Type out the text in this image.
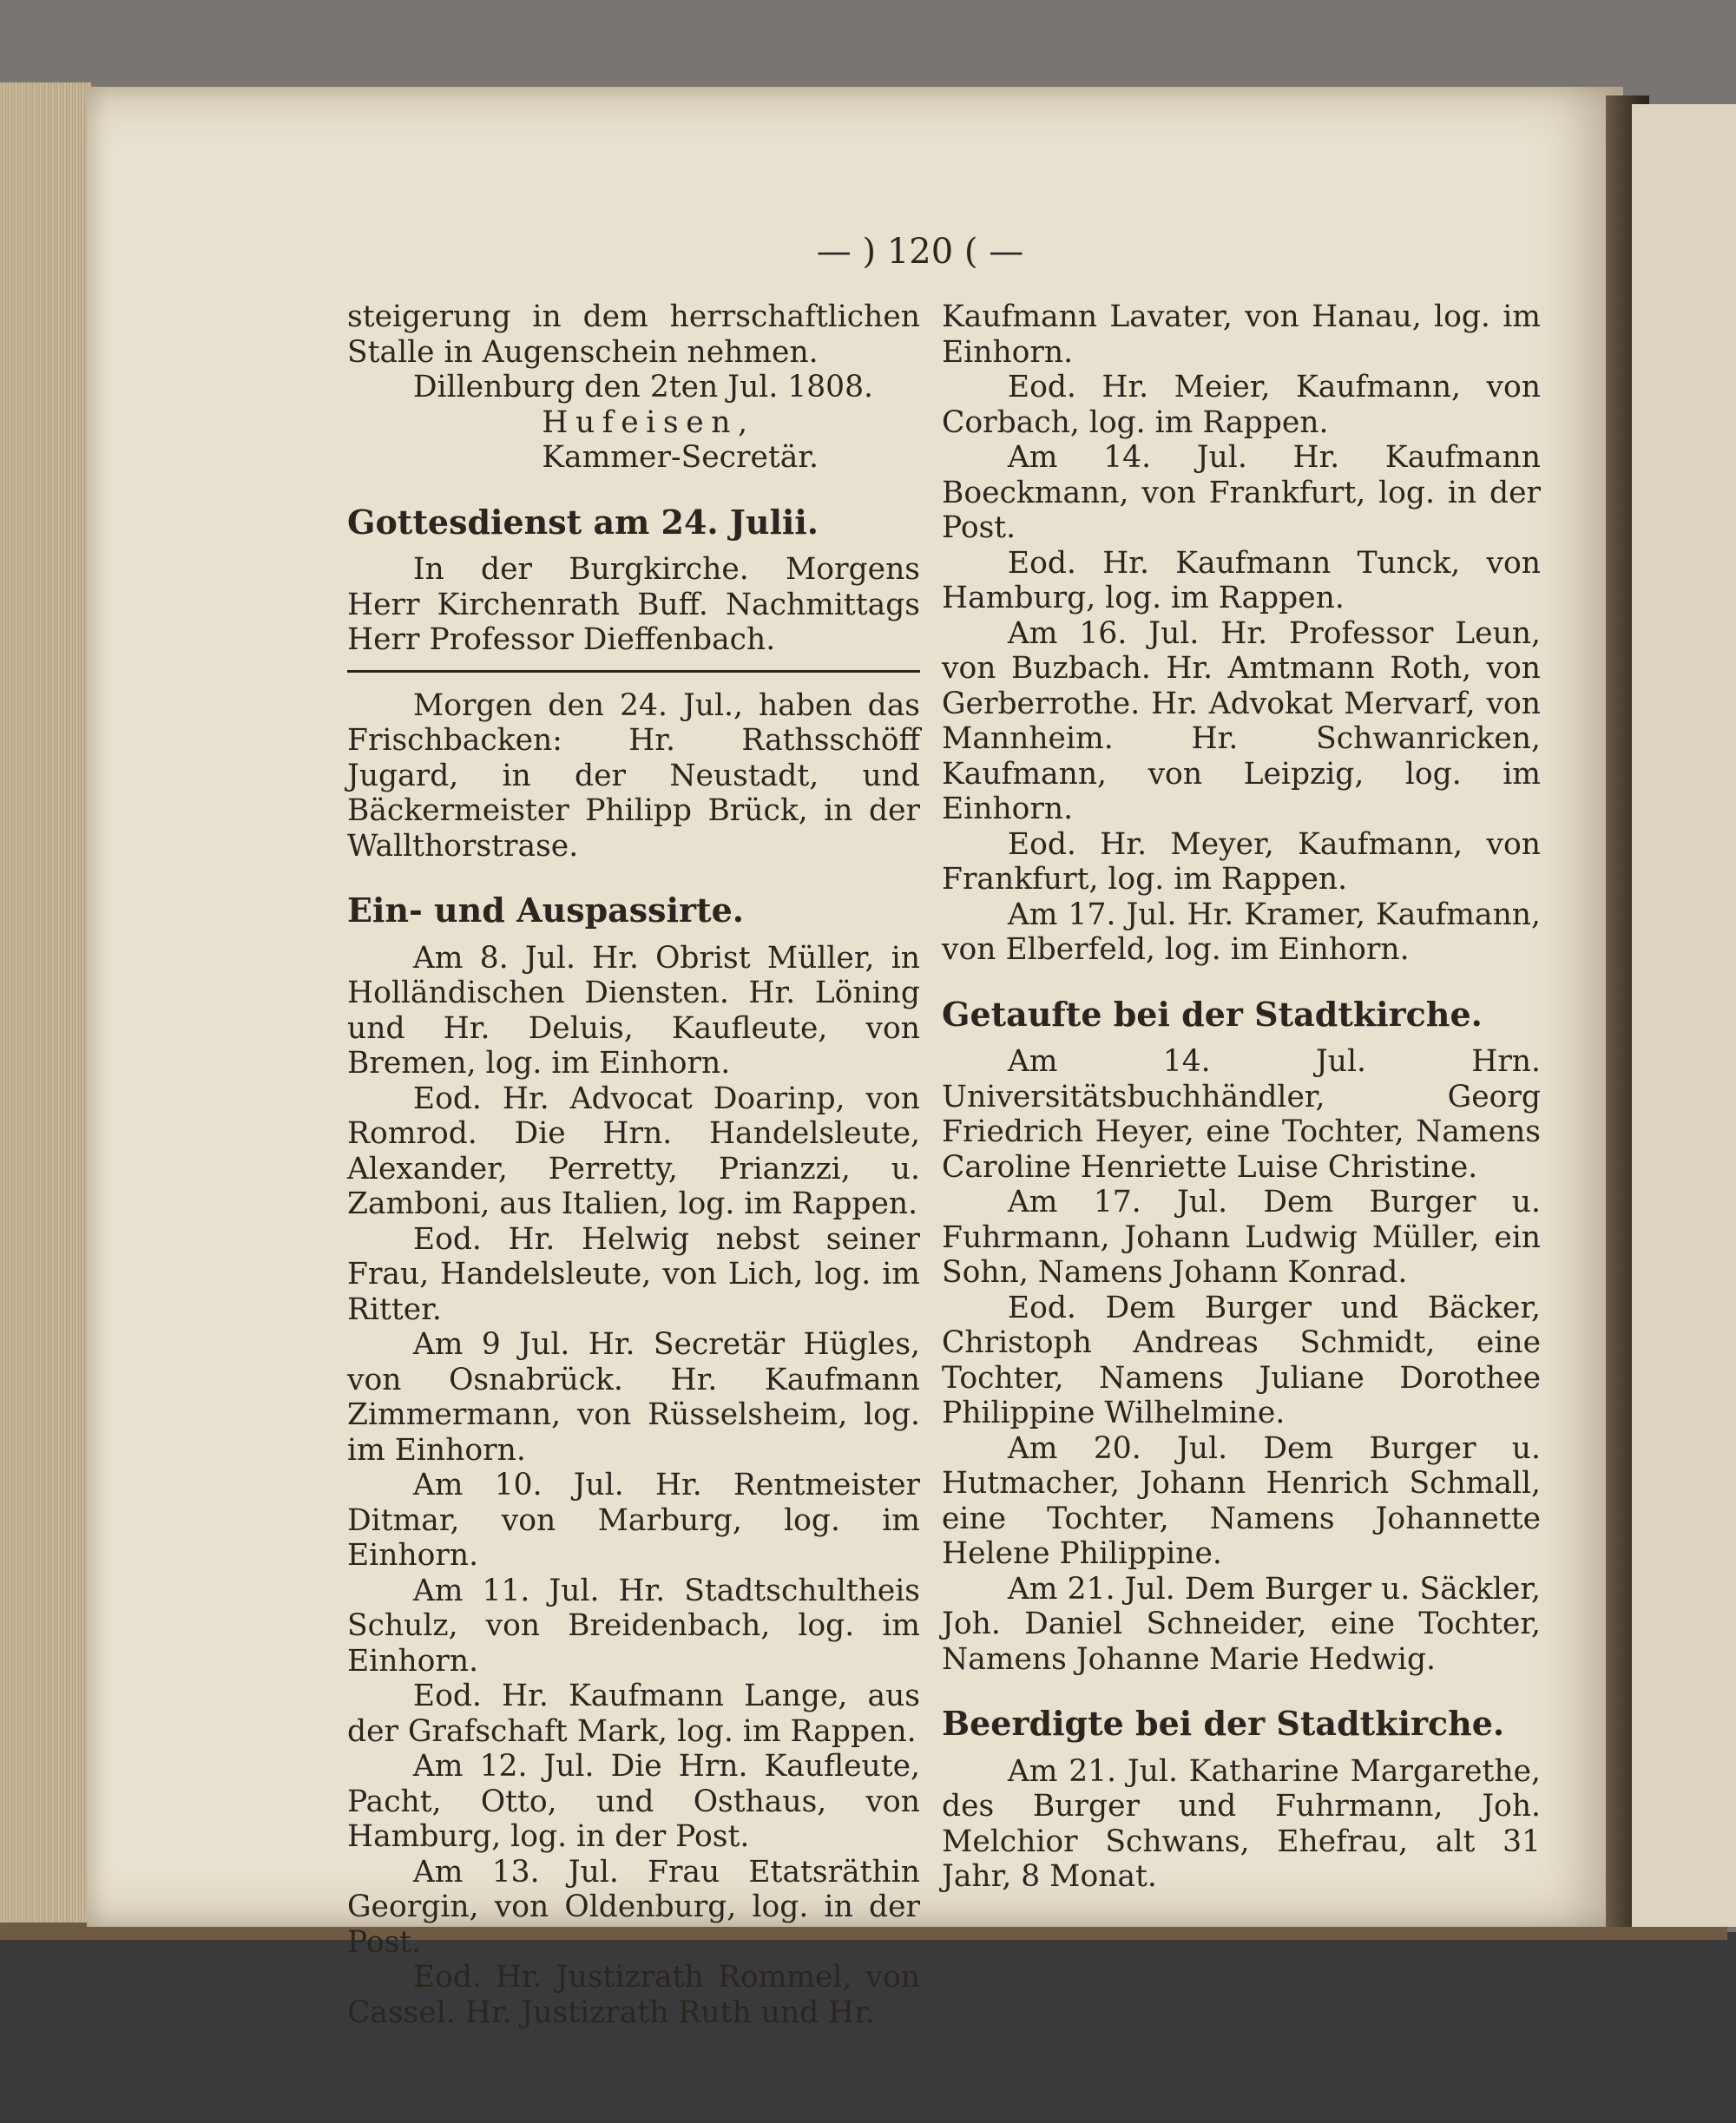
— ) 120 ( —

steigerung in dem herrschaftlichen Stalle in Augenschein nehmen.

Dillenburg den 2ten Jul. 1808.

Hufeisen,

Kammer-Secretär.

Gottesdienst am 24. Julii.

In der Burgkirche. Morgens Herr Kirchenrath Buff. Nachmittags Herr Professor Dieffenbach.

Morgen den 24. Jul., haben das Frischbacken: Hr. Rathsschöff Jugard, in der Neustadt, und Bäckermeister Philipp Brück, in der Wallthorstrase.

Ein- und Auspassirte.

Am 8. Jul. Hr. Obrist Müller, in Holländischen Diensten. Hr. Löning und Hr. Deluis, Kaufleute, von Bremen, log. im Einhorn.

Eod. Hr. Advocat Doarinp, von Romrod. Die Hrn. Handelsleute, Alexander, Perretty, Prianzzi, u. Zamboni, aus Italien, log. im Rappen.

Eod. Hr. Helwig nebst seiner Frau, Handelsleute, von Lich, log. im Ritter.

Am 9 Jul. Hr. Secretär Hügles, von Osnabrück. Hr. Kaufmann Zimmermann, von Rüsselsheim, log. im Einhorn.

Am 10. Jul. Hr. Rentmeister Ditmar, von Marburg, log. im Einhorn.

Am 11. Jul. Hr. Stadtschultheis Schulz, von Breidenbach, log. im Einhorn.

Eod. Hr. Kaufmann Lange, aus der Grafschaft Mark, log. im Rappen.

Am 12. Jul. Die Hrn. Kaufleute, Pacht, Otto, und Osthaus, von Hamburg, log. in der Post.

Am 13. Jul. Frau Etatsräthin Georgin, von Oldenburg, log. in der Post.

Eod. Hr. Justizrath Rommel, von Cassel. Hr. Justizrath Ruth und Hr.

Kaufmann Lavater, von Hanau, log. im Einhorn.

Eod. Hr. Meier, Kaufmann, von Corbach, log. im Rappen.

Am 14. Jul. Hr. Kaufmann Boeckmann, von Frankfurt, log. in der Post.

Eod. Hr. Kaufmann Tunck, von Hamburg, log. im Rappen.

Am 16. Jul. Hr. Professor Leun, von Buzbach. Hr. Amtmann Roth, von Gerberrothe. Hr. Advokat Mervarf, von Mannheim. Hr. Schwanricken, Kaufmann, von Leipzig, log. im Einhorn.

Eod. Hr. Meyer, Kaufmann, von Frankfurt, log. im Rappen.

Am 17. Jul. Hr. Kramer, Kaufmann, von Elberfeld, log. im Einhorn.

Getaufte bei der Stadtkirche.

Am 14. Jul. Hrn. Universitätsbuchhändler, Georg Friedrich Heyer, eine Tochter, Namens Caroline Henriette Luise Christine.

Am 17. Jul. Dem Burger u. Fuhrmann, Johann Ludwig Müller, ein Sohn, Namens Johann Konrad.

Eod. Dem Burger und Bäcker, Christoph Andreas Schmidt, eine Tochter, Namens Juliane Dorothee Philippine Wilhelmine.

Am 20. Jul. Dem Burger u. Hutmacher, Johann Henrich Schmall, eine Tochter, Namens Johannette Helene Philippine.

Am 21. Jul. Dem Burger u. Säckler, Joh. Daniel Schneider, eine Tochter, Namens Johanne Marie Hedwig.

Beerdigte bei der Stadtkirche.

Am 21. Jul. Katharine Margarethe, des Burger und Fuhrmann, Joh. Melchior Schwans, Ehefrau, alt 31 Jahr, 8 Monat.
